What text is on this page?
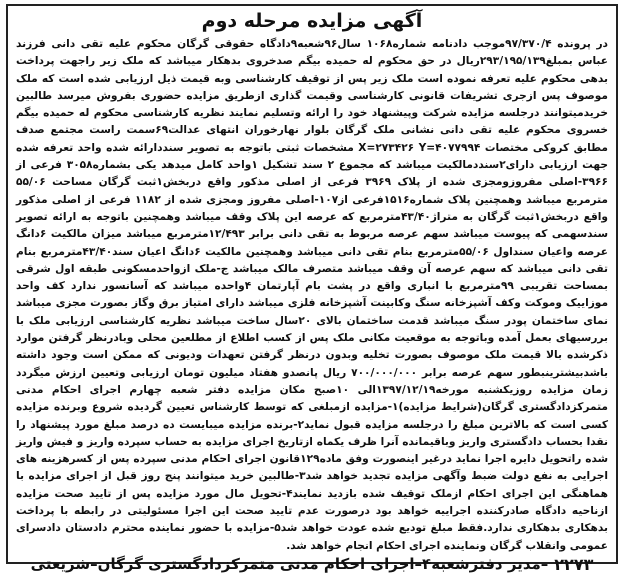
آگهی مزایده مرحله دوم
در پرونده ۹۷/۳۷۰/۴موجب دادنامه شماره۱۰۶۸ سال۹۶شعبه۹دادگاه حقوقی گرگان محکوم علیه تقی دانی فرزند عباس بمبلغ۲۹۳/۱۹۵/۱۳۹ریال در حق محکوم له حمیده بیگم صدخروی بدهکار میباشد که ملک زیر راجهت پرداخت بدهی محکوم علیه تعرفه نموده است ملک زیر پس از توقیف کارشناسی وبه قیمت ذیل ارزیابی شده است که ملک موصوف پس ازجری تشریفات قانونی کارشناسی وقیمت گذاری ازطریق مزایده حضوری بفروش میرسد طالبین خریدمیتوانند درجلسه مزایده شرکت وپیشنهاد خود را ارائه وتسلیم نمایند نظریه کارشناسی محکوم له حمیده بیگم خسروی محکوم علیه تقی دانی نشانی ملک گرگان بلوار نهارخوران انتهای عدالت۶۹سمت راست مجتمع صدف مطابق کروکی مختصات X=۲۷۳۴۲۶ Y=۴۰۷۷۹۹۴ مشخصات ثبتی باتوجه به تصویر سنددارائه شده واحد تعرفه شده جهت ارزیابی دارای۲سنددمالکیت میباشد که مجموع ۲ سند تشکیل ۱واحد کامل میدهد یکی بشماره۳۰۵۸ فرعی از ۳۹۶۶-اصلی مفروزومجزی شده از پلاک ۳۹۶۹ فرعی از اصلی مذکور واقع دربخش۱ثبت گرگان مساحت ۵۵/۰۶ مترمربع میباشد وهمچنین پلاک شماره۱۵۱۶فرعی از۱۰۷-اصلی مفروز ومجزی شده از ۱۱۸۲ فرعی از اصلی مذکور واقع دربخش۱ثبت گرگان به متراژ۴۳/۴۰مترمربع که عرصه این پلاک وقف میباشد وهمچنین باتوجه به ارائه تصویر سندسهمی که پیوست میباشد سهم عرصه مربوط به تقی دانی برابر ۱۲/۴۹۳مترمربع میباشد میزان مالکیت ۶دانگ عرصه واعیان سنداول ۵۵/۰۶مترمربع بنام تقی دانی میباشد وهمچنین مالکیت ۶دانگ اعیان سند۴۳/۴۰مترمربع بنام تقی دانی میباشد که سهم عرصه آن وقف میباشد متصرف مالک میباشد ج-ملک ازواحدمسکونی طبقه اول شرقی بمساحت تقریبی ۹۹مترمربع با انباری واقع در پشت بام آپارتمان ۴واحده میباشد که آسانسور ندارد کف واحد موزاییک وموکت وکف آشپزخانه سنگ وکابینت آشپزخانه فلزی میباشد دارای امتیاز برق وگاز بصورت مجزی میباشد نمای ساختمان پودر سنگ میباشد قدمت ساختمان بالای ۲۰سال ساخت میباشد نظریه کارشناسی ارزیابی ملک با بررسیهای بعمل آمده وباتوجه به موقعیت مکانی ملک پس از کسب اطلاع از مطلعین محلی وبادرنظر گرفتن موارد ذکرشده بالا قیمت ملک موصوف بصورت تخلیه وبدون درنظر گرفتن تعهدات ودیونی که ممکن است وجود داشته باشدبیشترینبطور سهم عرصه برابر ۷۰۰/۰۰۰/۰۰۰ ریال پانصدو هفتاد میلیون تومان ارزیابی وتعیین ارزش میگردد زمان مزایده روزیکشنبه مورخه۱۳۹۷/۱۲/۱۹الی ۱۰صبح مکان مزایده دفتر شعبه چهارم اجرای احکام مدنی متمرکزدادگستری گرگان(شرایط مزایده)۱-مزایده ازمبلغی که توسط کارشناس تعیین گردیده شروع وبرنده مزایده کسی است که بالاترین مبلغ را درجلسه مزایده قبول نماید۲-برنده مزایده میبایست ده درصد مبلغ مورد پیشنهاد را نقدا بحساب دادگستری واریز وباقیمانده آنرا ظرف یکماه ازتاریخ اجرای مزایده به حساب سپرده واریز و فیش واریز شده راتحویل دایره اجرا نماید درغیر اینصورت وفق ماده۱۲۹قانون اجرای احکام مدنی سپرده پس از کسرهزینه های اجرایی به نفع دولت ضبط وآگهی مزایده تجدید خواهد شد۳-طالبین خرید میتوانند پنج روز قبل از اجرای مزایده با هماهنگی این اجرای احکام ازملک توقیف شده بازدید نمایند۴-تحویل مال مورد مزایده پس از تایید صحت مزایده ازناحیه دادگاه صادرکننده اجراییه خواهد بود درصورت عدم تایید صحت این اجرا مسئولیتی در رابطه با پرداخت بدهکاری بدهکاری ندارد.فقط مبلغ تودیع شده عودت خواهد شد۵-مزایده با حضور نماینده محترم دادستان دادسرای عمومی وانقلاب گرگان ونماینده اجرای احکام انجام خواهد شد.
۲۲۷۳
–مدیر دفترشعبه۴–اجرای احکام مدنی متمرکزدادگستری گرگان–شریعتی
